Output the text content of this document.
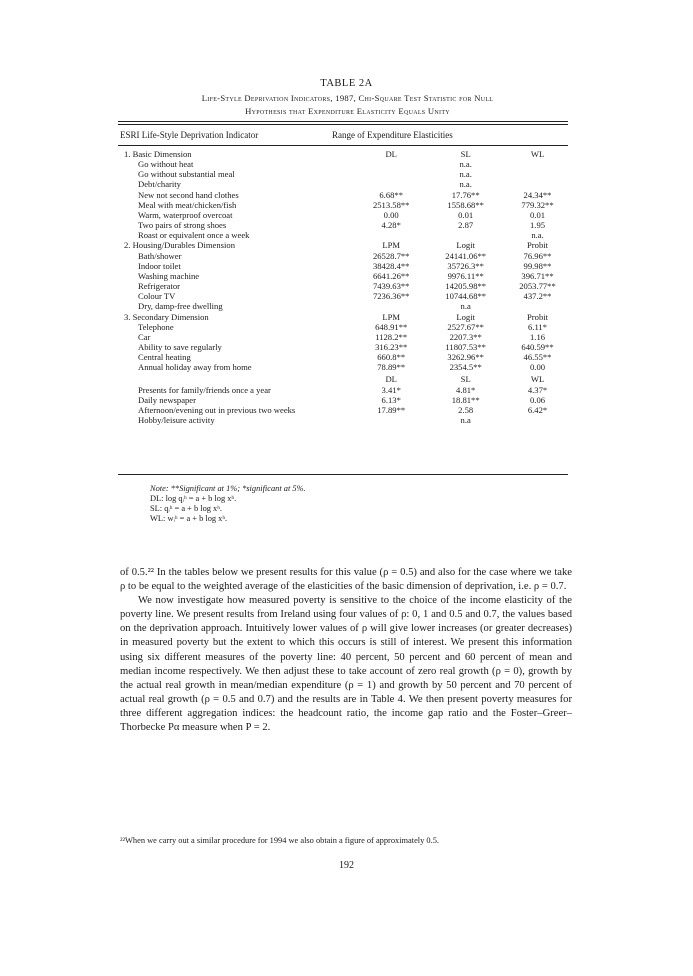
TABLE 2A
Life-Style Deprivation Indicators, 1987, Chi-Square Test Statistic for Null
Hypothesis that Expenditure Elasticity Equals Unity
ESRI Life-Style Deprivation Indicator	Range of Expenditure Elasticities
1. Basic Dimension	DL	SL	WL
Go without heat		n.a.	
Go without substantial meal		n.a.	
Debt/charity		n.a.	
New not second hand clothes	6.68**	17.76**	24.34**
Meal with meat/chicken/fish	2513.58**	1558.68**	779.32**
Warm, waterproof overcoat	0.00	0.01	0.01
Two pairs of strong shoes	4.28*	2.87	1.95
Roast or equivalent once a week			n.a.
2. Housing/Durables Dimension	LPM	Logit	Probit
Bath/shower	26528.7**	24141.06**	76.96**
Indoor toilet	38428.4**	35726.3**	99.98**
Washing machine	6641.26**	9976.11**	396.71**
Refrigerator	7439.63**	14205.98**	2053.77**
Colour TV	7236.36**	10744.68**	437.2**
Dry, damp-free dwelling		n.a	
3. Secondary Dimension	LPM	Logit	Probit
Telephone	648.91**	2527.67**	6.11*
Car	1128.2**	2207.3**	1.16
Ability to save regularly	316.23**	11807.53**	640.59**
Central heating	660.8**	3262.96**	46.55**
Annual holiday away from home	78.89**	2354.5**	0.00
	DL	SL	WL
Presents for family/friends once a year	3.41*	4.81*	4.37*
Daily newspaper	6.13*	18.81**	0.06
Afternoon/evening out in previous two weeks	17.89**	2.58	6.42*
Hobby/leisure activity		n.a	
Note: **Significant at 1%; *significant at 5%.
DL: log qᵢʰ = a + b log xʰ.
SL: qᵢʰ = a + b log xʰ.
WL: wᵢʰ = a + b log xʰ.

of 0.5.²² In the tables below we present results for this value (ρ = 0.5) and also for the case where we take ρ to be equal to the weighted average of the elasticities of the basic dimension of deprivation, i.e. ρ = 0.7.

We now investigate how measured poverty is sensitive to the choice of the income elasticity of the poverty line. We present results from Ireland using four values of ρ: 0, 1 and 0.5 and 0.7, the values based on the deprivation approach. Intuitively lower values of ρ will give lower increases (or greater decreases) in measured poverty but the extent to which this occurs is still of interest. We present this information using six different measures of the poverty line: 40 percent, 50 percent and 60 percent of mean and median income respectively. We then adjust these to take account of zero real growth (ρ = 0), growth by the actual real growth in mean/median expenditure (ρ = 1) and growth by 50 percent and 70 percent of actual real growth (ρ = 0.5 and 0.7) and the results are in Table 4. We then present poverty measures for three different aggregation indices: the headcount ratio, the income gap ratio and the Foster–Greer–Thorbecke Pα measure when P = 2.

²²When we carry out a similar procedure for 1994 we also obtain a figure of approximately 0.5.
192
